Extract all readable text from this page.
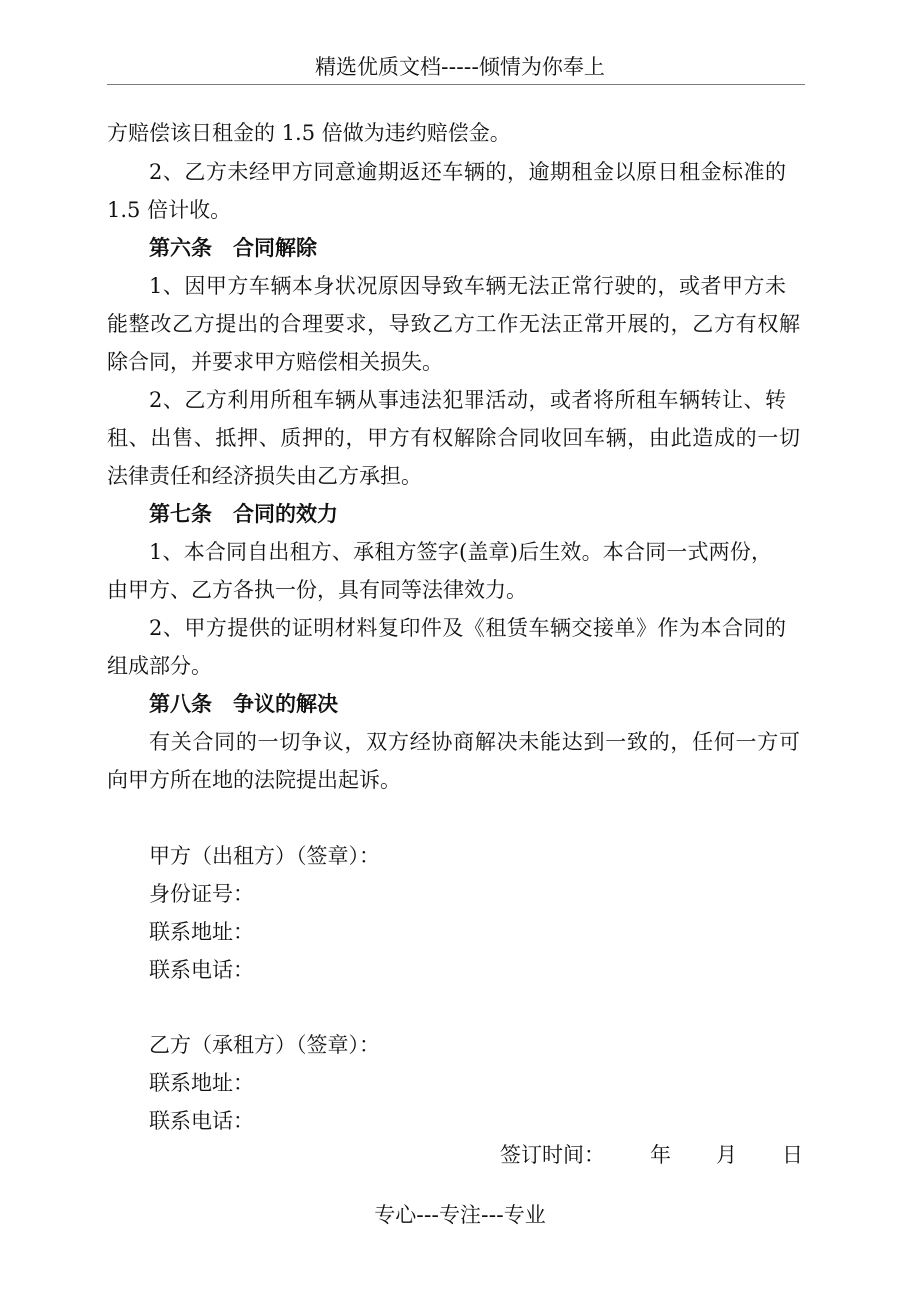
精选优质文档-----倾情为你奉上
方赔偿该日租金的 1.5 倍做为违约赔偿金。
2、乙方未经甲方同意逾期返还车辆的，逾期租金以原日租金标准的
1.5 倍计收。
第六条　合同解除
1、因甲方车辆本身状况原因导致车辆无法正常行驶的，或者甲方未
能整改乙方提出的合理要求，导致乙方工作无法正常开展的，乙方有权解
除合同，并要求甲方赔偿相关损失。
2、乙方利用所租车辆从事违法犯罪活动，或者将所租车辆转让、转
租、出售、抵押、质押的，甲方有权解除合同收回车辆，由此造成的一切
法律责任和经济损失由乙方承担。
第七条　合同的效力
1、本合同自出租方、承租方签字(盖章)后生效。本合同一式两份，
由甲方、乙方各执一份，具有同等法律效力。
2、甲方提供的证明材料复印件及《租赁车辆交接单》作为本合同的
组成部分。
第八条　争议的解决
有关合同的一切争议，双方经协商解决未能达到一致的，任何一方可
向甲方所在地的法院提出起诉。
甲方（出租方）（签章）：
身份证号：
联系地址：
联系电话：
乙方（承租方）（签章）：
联系地址：
联系电话：
签订时间： 年 月 日
专心---专注---专业
